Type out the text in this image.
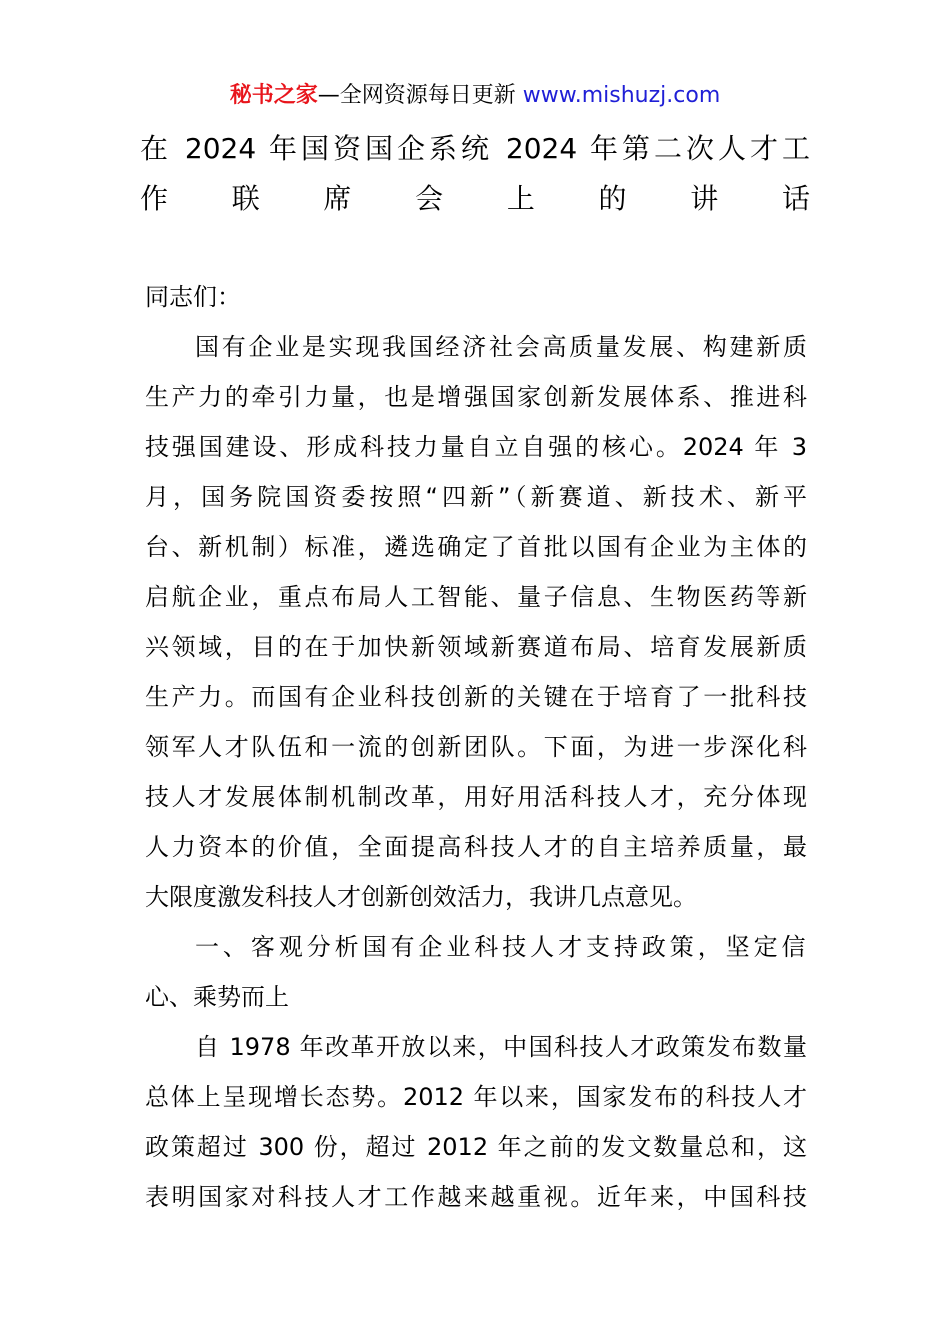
秘书之家—全网资源每日更新 www.mishuzj.com
在 2024 年国资国企系统 2024 年第二次人才工
作联席会上的讲话
同志们：
国有企业是实现我国经济社会高质量发展、构建新质
生产力的牵引力量，也是增强国家创新发展体系、推进科
技强国建设、形成科技力量自立自强的核心。2024 年 3
月，国务院国资委按照“四新”（新赛道、新技术、新平
台、新机制）标准，遴选确定了首批以国有企业为主体的
启航企业，重点布局人工智能、量子信息、生物医药等新
兴领域，目的在于加快新领域新赛道布局、培育发展新质
生产力。而国有企业科技创新的关键在于培育了一批科技
领军人才队伍和一流的创新团队。下面，为进一步深化科
技人才发展体制机制改革，用好用活科技人才，充分体现
人力资本的价值，全面提高科技人才的自主培养质量，最
大限度激发科技人才创新创效活力，我讲几点意见。
一、客观分析国有企业科技人才支持政策，坚定信
心、乘势而上
自 1978 年改革开放以来，中国科技人才政策发布数量
总体上呈现增长态势。2012 年以来，国家发布的科技人才
政策超过 300 份，超过 2012 年之前的发文数量总和，这
表明国家对科技人才工作越来越重视。近年来，中国科技
